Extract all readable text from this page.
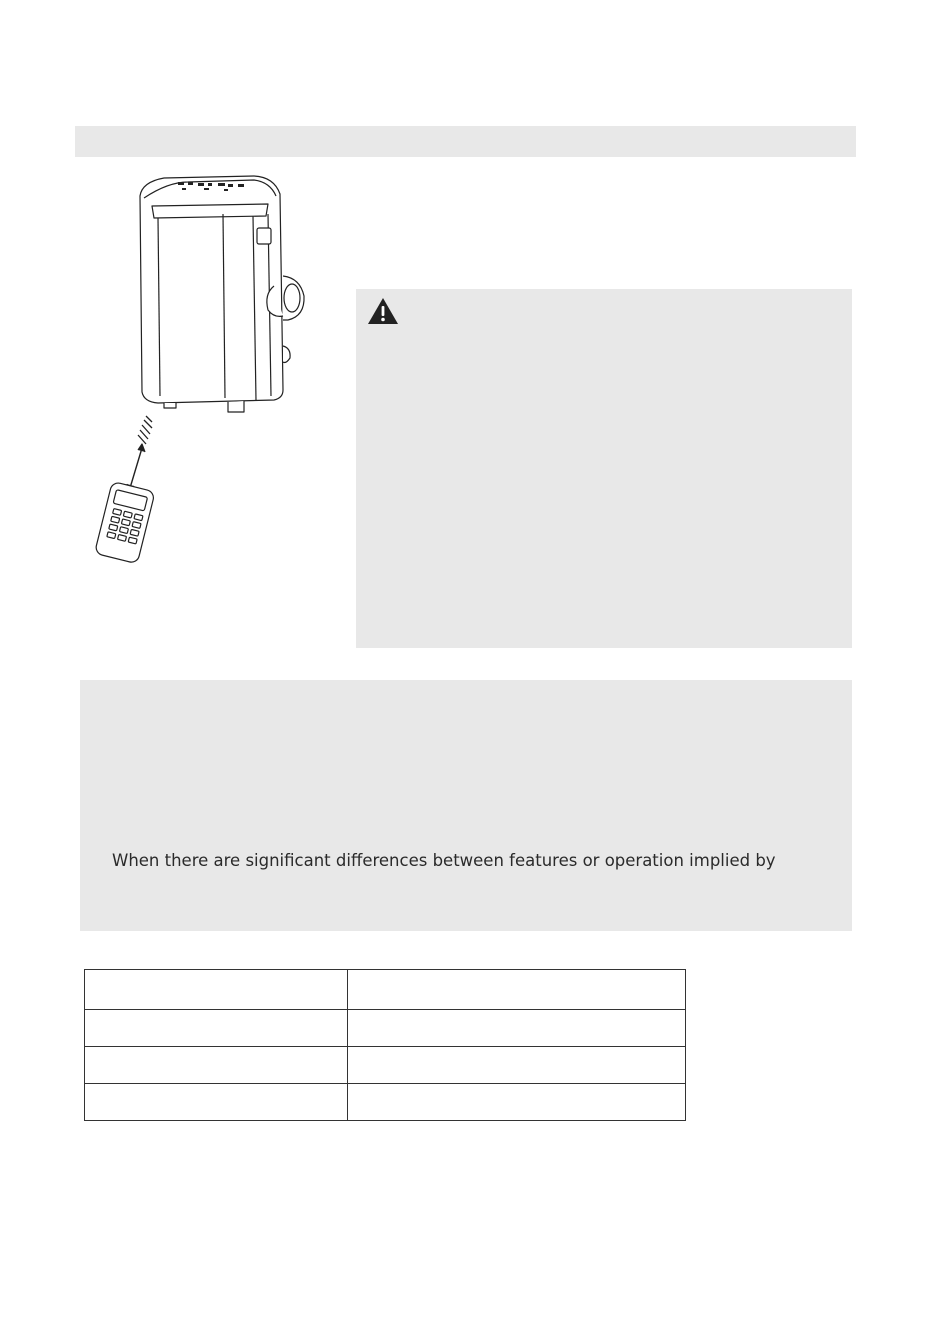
When there are significant differences between features or operation implied by
